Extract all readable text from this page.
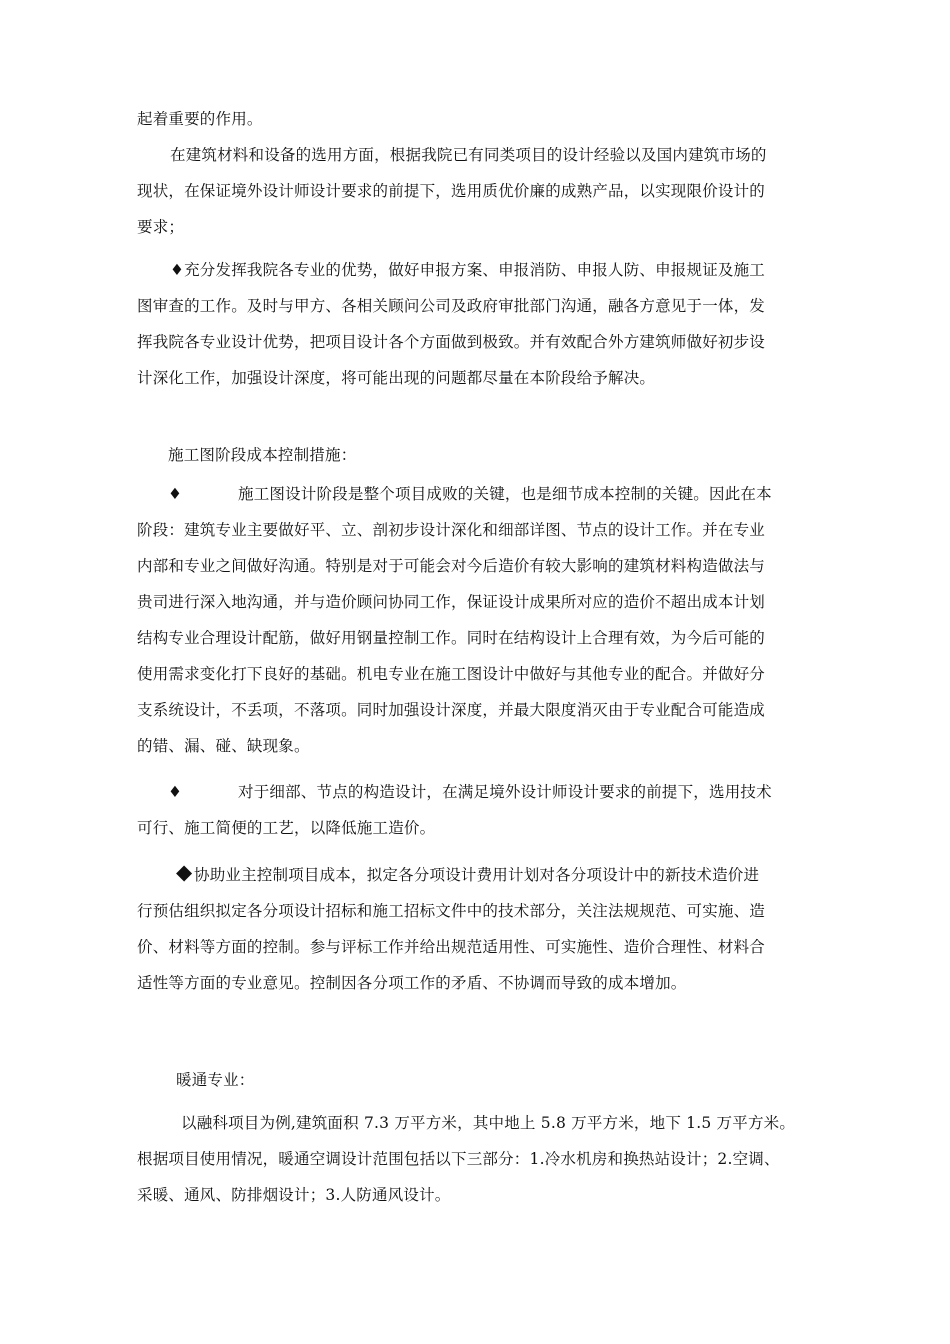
起着重要的作用。
在建筑材料和设备的选用方面，根据我院已有同类项目的设计经验以及国内建筑市场的
现状，在保证境外设计师设计要求的前提下，选用质优价廉的成熟产品，以实现限价设计的
要求；
♦充分发挥我院各专业的优势，做好申报方案、申报消防、申报人防、申报规证及施工
图审查的工作。及时与甲方、各相关顾问公司及政府审批部门沟通，融各方意见于一体，发
挥我院各专业设计优势，把项目设计各个方面做到极致。并有效配合外方建筑师做好初步设
计深化工作，加强设计深度，将可能出现的问题都尽量在本阶段给予解决。
施工图阶段成本控制措施：
♦	施工图设计阶段是整个项目成败的关键，也是细节成本控制的关键。因此在本
阶段：建筑专业主要做好平、立、剖初步设计深化和细部详图、节点的设计工作。并在专业
内部和专业之间做好沟通。特别是对于可能会对今后造价有较大影响的建筑材料构造做法与
贵司进行深入地沟通，并与造价顾问协同工作，保证设计成果所对应的造价不超出成本计划
结构专业合理设计配筋，做好用钢量控制工作。同时在结构设计上合理有效，为今后可能的
使用需求变化打下良好的基础。机电专业在施工图设计中做好与其他专业的配合。并做好分
支系统设计，不丢项，不落项。同时加强设计深度，并最大限度消灭由于专业配合可能造成
的错、漏、碰、缺现象。
♦	对于细部、节点的构造设计，在满足境外设计师设计要求的前提下，选用技术
可行、施工简便的工艺，以降低施工造价。
◆ 协助业主控制项目成本，拟定各分项设计费用计划对各分项设计中的新技术造价进
行预估组织拟定各分项设计招标和施工招标文件中的技术部分，关注法规规范、可实施、造
价、材料等方面的控制。参与评标工作并给出规范适用性、可实施性、造价合理性、材料合
适性等方面的专业意见。控制因各分项工作的矛盾、不协调而导致的成本增加。
暖通专业：
以融科项目为例,建筑面积 7.3 万平方米，其中地上 5.8 万平方米，地下 1.5 万平方米。
根据项目使用情况，暖通空调设计范围包括以下三部分：1.冷水机房和换热站设计；2.空调、
采暖、通风、防排烟设计；3.人防通风设计。
